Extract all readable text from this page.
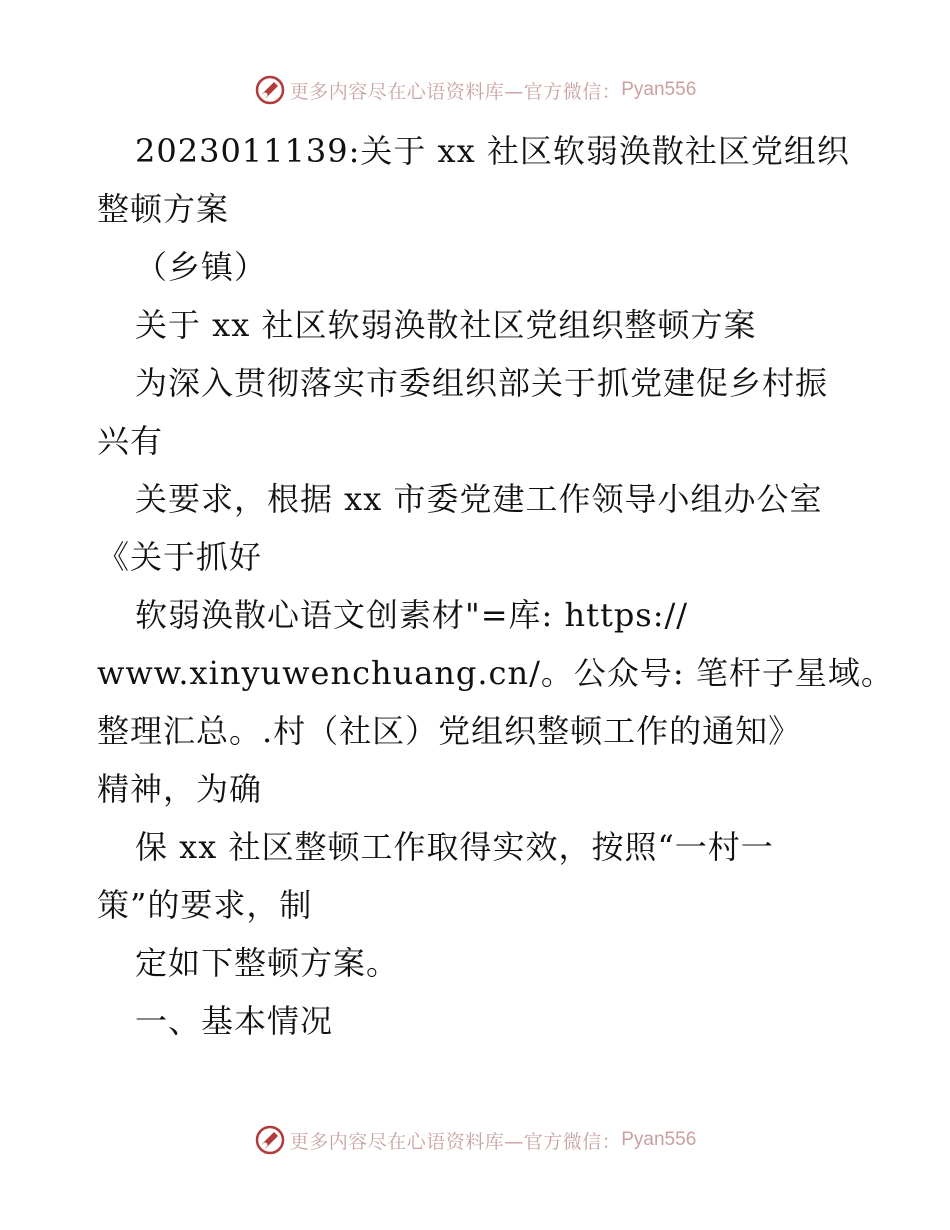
更多内容尽在心语资料库—官方微信： Pyan556
2023011139:关于 xx 社区软弱涣散社区党组织
整顿方案
（乡镇）
关于 xx 社区软弱涣散社区党组织整顿方案
为深入贯彻落实市委组织部关于抓党建促乡村振
兴有
关要求，根据 xx 市委党建工作领导小组办公室
《关于抓好
软弱涣散心语文创素材"=库: https://
www.xinyuwenchuang.cn/。公众号: 笔杆子星域。
整理汇总。.村（社区）党组织整顿工作的通知》
精神，为确
保 xx 社区整顿工作取得实效，按照“一村一
策”的要求，制
定如下整顿方案。
一、基本情况
更多内容尽在心语资料库—官方微信： Pyan556
